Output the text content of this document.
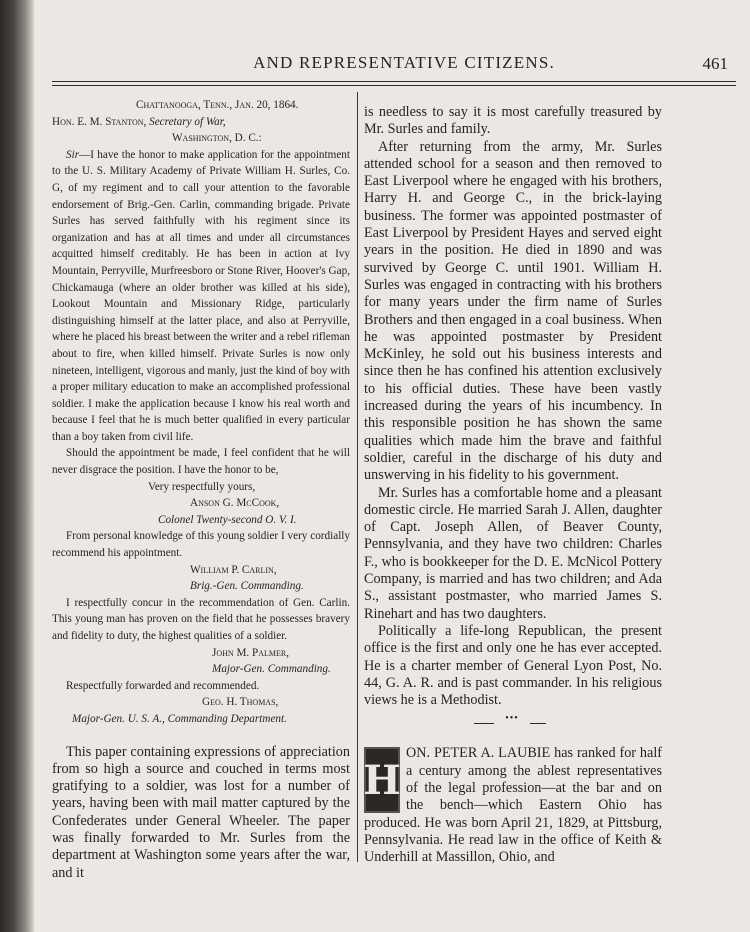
AND REPRESENTATIVE CITIZENS.	461

Chattanooga, Tenn., Jan. 20, 1864.

Hon. E. M. Stanton, Secretary of War,

Washington, D. C.:

Sir—I have the honor to make application for the appointment to the U. S. Military Academy of Private William H. Surles, Co. G, of my regiment and to call your attention to the favorable endorsement of Brig.-Gen. Carlin, commanding brigade. Private Surles has served faithfully with his regiment since its organization and has at all times and under all circumstances acquitted himself creditably. He has been in action at Ivy Mountain, Perryville, Murfreesboro or Stone River, Hoover's Gap, Chickamauga (where an older brother was killed at his side), Lookout Mountain and Missionary Ridge, particularly distinguishing himself at the latter place, and also at Perryville, where he placed his breast between the writer and a rebel rifleman about to fire, when killed himself. Private Surles is now only nineteen, intelligent, vigorous and manly, just the kind of boy with a proper military education to make an accomplished professional soldier. I make the application because I know his real worth and because I feel that he is much better qualified in every particular than a boy taken from civil life.

Should the appointment be made, I feel confident that he will never disgrace the position. I have the honor to be,

Very respectfully yours,

Anson G. McCook,

Colonel Twenty-second O. V. I.

From personal knowledge of this young soldier I very cordially recommend his appointment.

William P. Carlin,

Brig.-Gen. Commanding.

I respectfully concur in the recommendation of Gen. Carlin. This young man has proven on the field that he possesses bravery and fidelity to duty, the highest qualities of a soldier.

John M. Palmer,

Major-Gen. Commanding.

Respectfully forwarded and recommended.

Geo. H. Thomas,

Major-Gen. U. S. A., Commanding Department.

This paper containing expressions of appreciation from so high a source and couched in terms most gratifying to a soldier, was lost for a number of years, having been with mail matter captured by the Confederates under General Wheeler. The paper was finally forwarded to Mr. Surles from the department at Washington some years after the war, and it

is needless to say it is most carefully treasured by Mr. Surles and family.

After returning from the army, Mr. Surles attended school for a season and then removed to East Liverpool where he engaged with his brothers, Harry H. and George C., in the brick-laying business. The former was appointed postmaster of East Liverpool by President Hayes and served eight years in the position. He died in 1890 and was survived by George C. until 1901. William H. Surles was engaged in contracting with his brothers for many years under the firm name of Surles Brothers and then engaged in a coal business. When he was appointed postmaster by President McKinley, he sold out his business interests and since then he has confined his attention exclusively to his official duties. These have been vastly increased during the years of his incumbency. In this responsible position he has shown the same qualities which made him the brave and faithful soldier, careful in the discharge of his duty and unswerving in his fidelity to his government.

Mr. Surles has a comfortable home and a pleasant domestic circle. He married Sarah J. Allen, daughter of Capt. Joseph Allen, of Beaver County, Pennsylvania, and they have two children: Charles F., who is bookkeeper for the D. E. McNicol Pottery Company, is married and has two children; and Ada S., assistant postmaster, who married James S. Rinehart and has two daughters.

Politically a life-long Republican, the present office is the first and only one he has ever accepted. He is a charter member of General Lyon Post, No. 44, G. A. R. and is past commander. In his religious views he is a Methodist.

•••
H

ON. PETER A. LAUBIE has ranked for half a century among the ablest representatives of the legal profession—at the bar and on the bench—which Eastern Ohio has produced. He was born April 21, 1829, at Pittsburg, Pennsylvania. He read law in the office of Keith & Underhill at Massillon, Ohio, and
